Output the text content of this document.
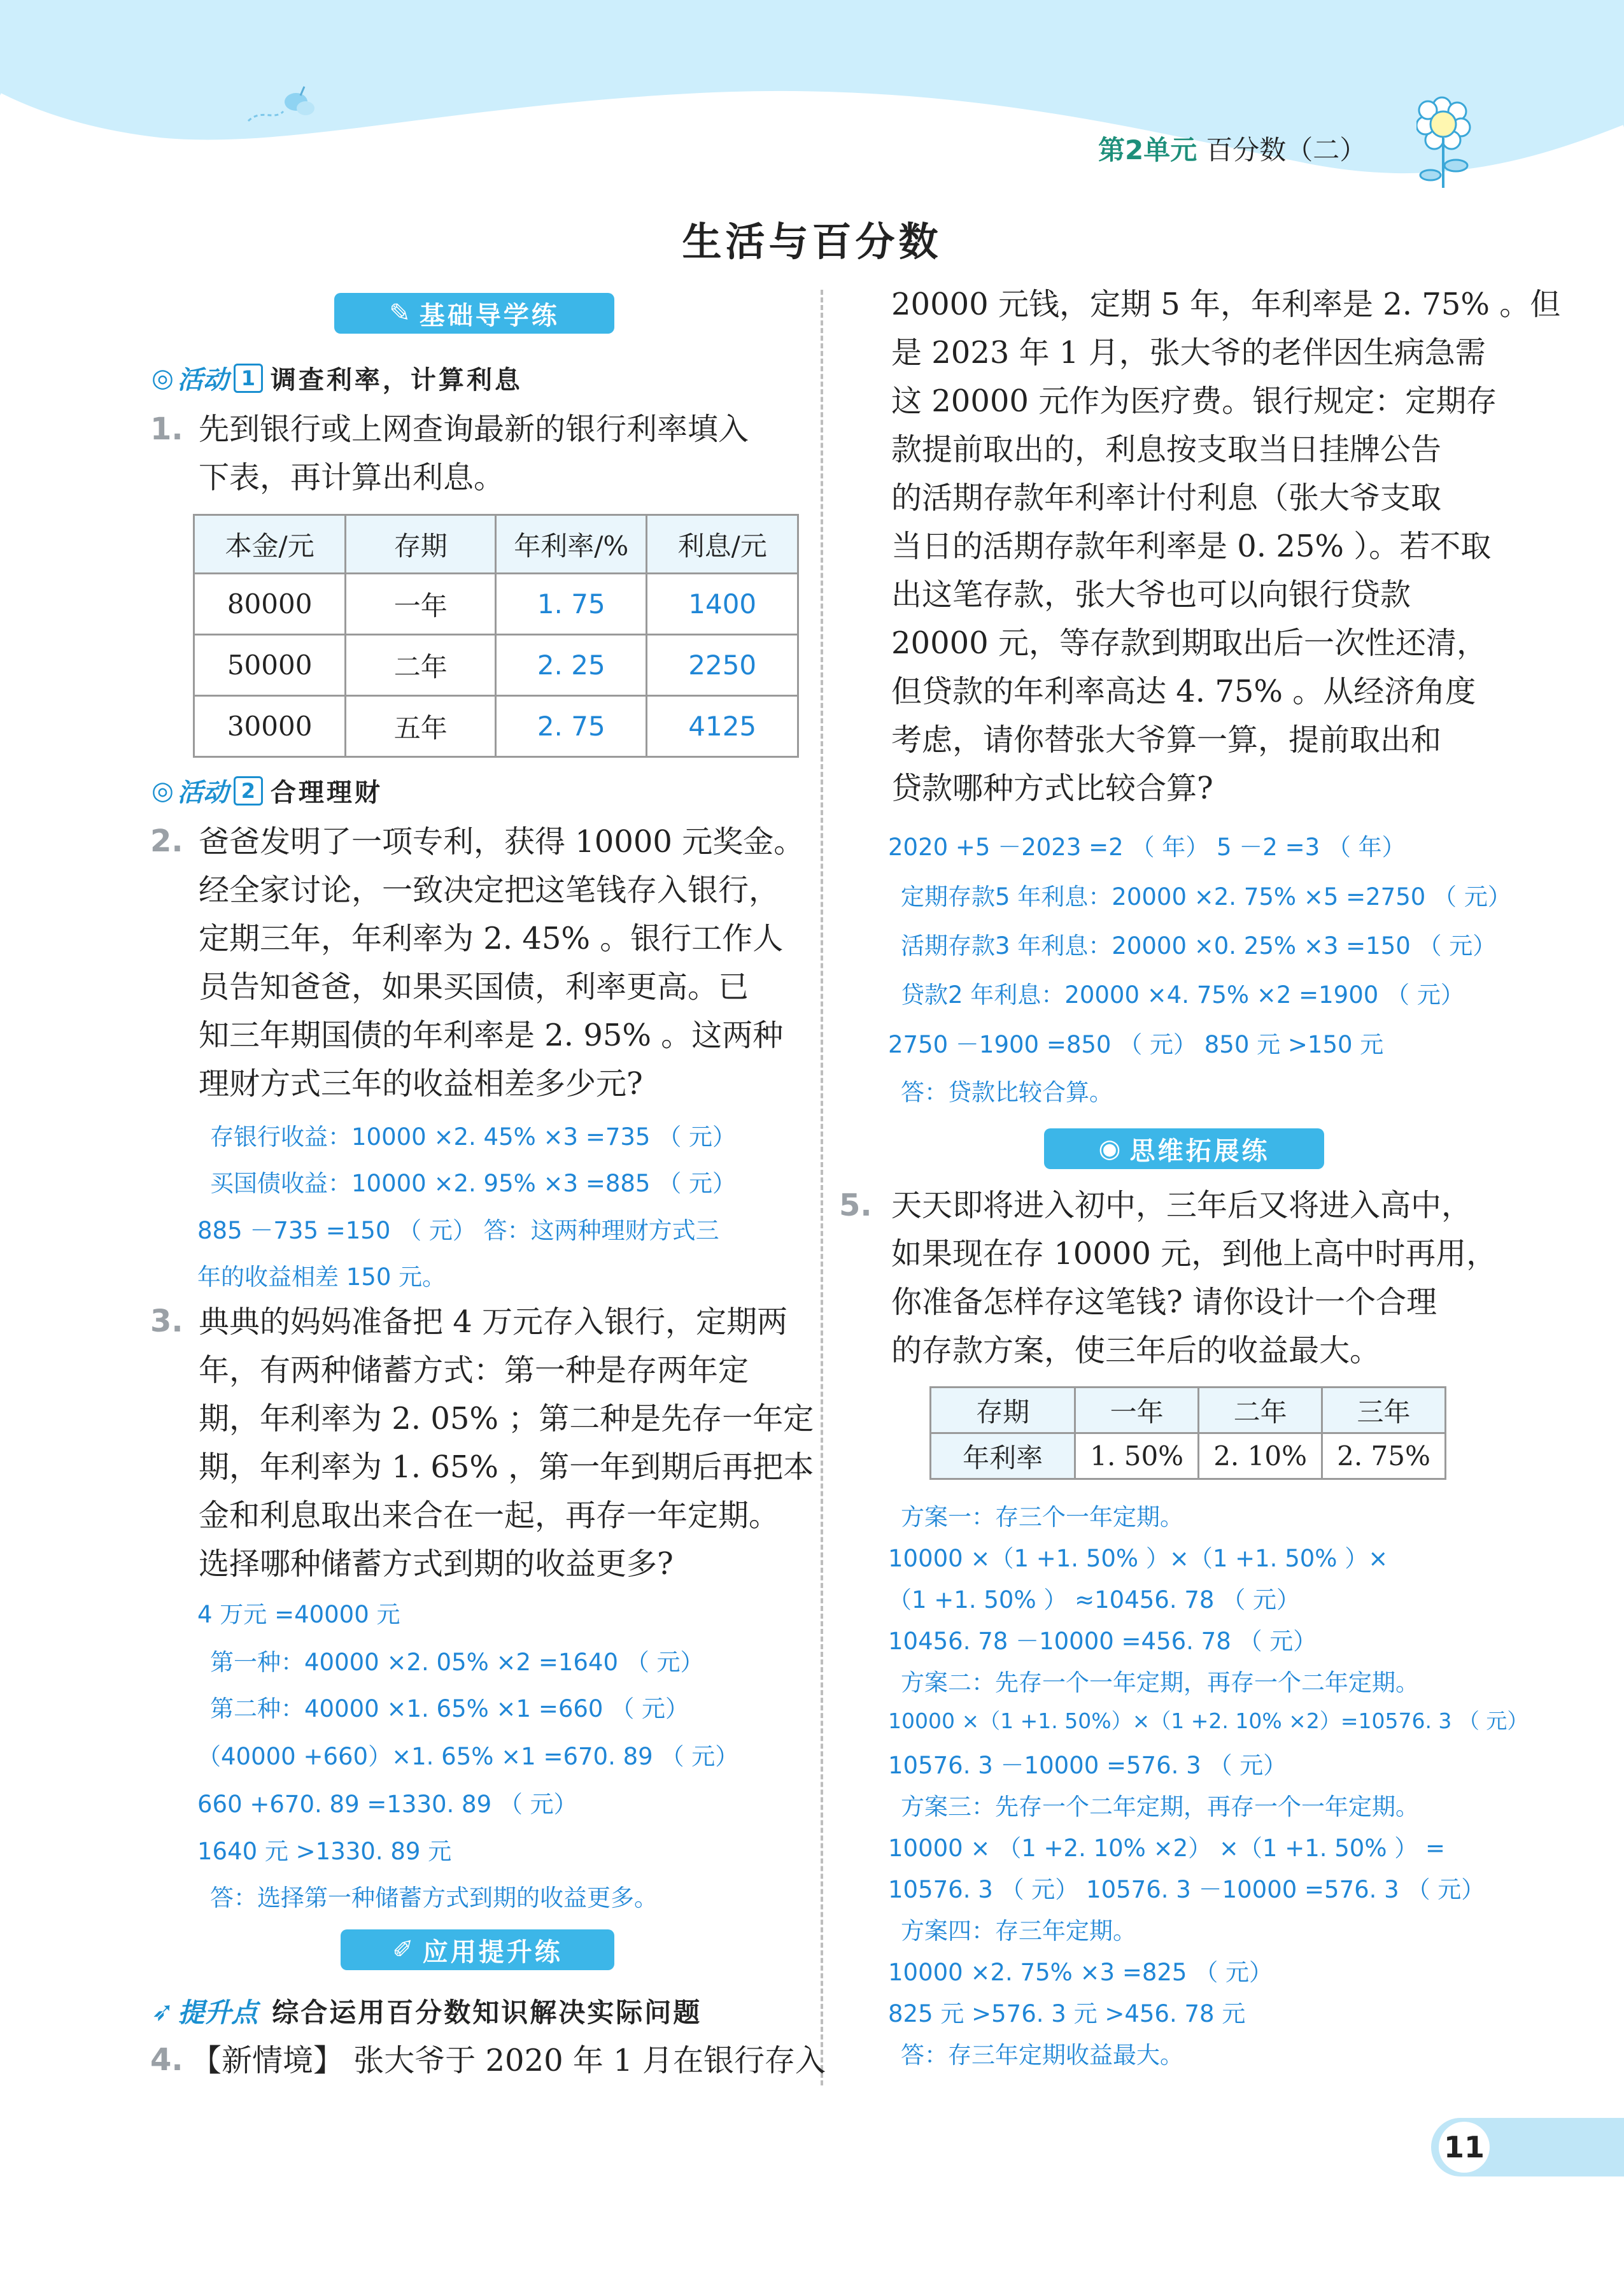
第2单元 百分数（二）
生活与百分数
✎ 基础导学练
◎ 活动 1 调查利率，计算利息
1. 先到银行或上网查询最新的银行利率填入
下表，再计算出利息。
本金/元	存期	年利率/%	利息/元
80000	一年	1. 75	1400
50000	二年	2. 25	2250
30000	五年	2. 75	4125
◎ 活动 2 合理理财
2. 爸爸发明了一项专利，获得 10000 元奖金。
经全家讨论，一致决定把这笔钱存入银行，
定期三年，年利率为 2. 45% 。银行工作人
员告知爸爸，如果买国债，利率更高。已
知三年期国债的年利率是 2. 95% 。这两种
理财方式三年的收益相差多少元?
存银行收益：10000 ×2. 45% ×3 =735 （ 元）
买国债收益：10000 ×2. 95% ×3 =885 （ 元）
885 －735 =150 （ 元） 答：这两种理财方式三
年的收益相差 150 元。
3. 典典的妈妈准备把 4 万元存入银行，定期两
年，有两种储蓄方式：第一种是存两年定
期，年利率为 2. 05% ；第二种是先存一年定
期，年利率为 1. 65% ，第一年到期后再把本
金和利息取出来合在一起，再存一年定期。
选择哪种储蓄方式到期的收益更多?
4 万元 =40000 元
第一种：40000 ×2. 05% ×2 =1640 （ 元）
第二种：40000 ×1. 65% ×1 =660 （ 元）
（40000 +660）×1. 65% ×1 =670. 89 （ 元）
660 +670. 89 =1330. 89 （ 元）
1640 元 >1330. 89 元
答：选择第一种储蓄方式到期的收益更多。
✐ 应用提升练
➶ 提升点 综合运用百分数知识解决实际问题
4. 【新情境】 张大爷于 2020 年 1 月在银行存入
20000 元钱，定期 5 年，年利率是 2. 75% 。但
是 2023 年 1 月，张大爷的老伴因生病急需
这 20000 元作为医疗费。银行规定：定期存
款提前取出的，利息按支取当日挂牌公告
的活期存款年利率计付利息（张大爷支取
当日的活期存款年利率是 0. 25% ）。若不取
出这笔存款，张大爷也可以向银行贷款
20000 元，等存款到期取出后一次性还清，
但贷款的年利率高达 4. 75% 。从经济角度
考虑，请你替张大爷算一算，提前取出和
贷款哪种方式比较合算?
2020 +5 －2023 =2 （ 年） 5 －2 =3 （ 年）
定期存款5 年利息：20000 ×2. 75% ×5 =2750 （ 元）
活期存款3 年利息：20000 ×0. 25% ×3 =150 （ 元）
贷款2 年利息：20000 ×4. 75% ×2 =1900 （ 元）
2750 －1900 =850 （ 元） 850 元 >150 元
答：贷款比较合算。
◉ 思维拓展练
5. 天天即将进入初中，三年后又将进入高中，
如果现在存 10000 元，到他上高中时再用，
你准备怎样存这笔钱? 请你设计一个合理
的存款方案，使三年后的收益最大。
存期	一年	二年	三年
年利率	1. 50%	2. 10%	2. 75%
方案一：存三个一年定期。
10000 ×（1 +1. 50% ）×（1 +1. 50% ）×
（1 +1. 50% ） ≈10456. 78 （ 元）
10456. 78 －10000 =456. 78 （ 元）
方案二：先存一个一年定期，再存一个二年定期。
10000 ×（1 +1. 50%）×（1 +2. 10% ×2）=10576. 3 （ 元）
10576. 3 －10000 =576. 3 （ 元）
方案三：先存一个二年定期，再存一个一年定期。
10000 × （1 +2. 10% ×2） ×（1 +1. 50% ） =
10576. 3 （ 元） 10576. 3 －10000 =576. 3 （ 元）
方案四：存三年定期。
10000 ×2. 75% ×3 =825 （ 元）
825 元 >576. 3 元 >456. 78 元
答：存三年定期收益最大。
11
